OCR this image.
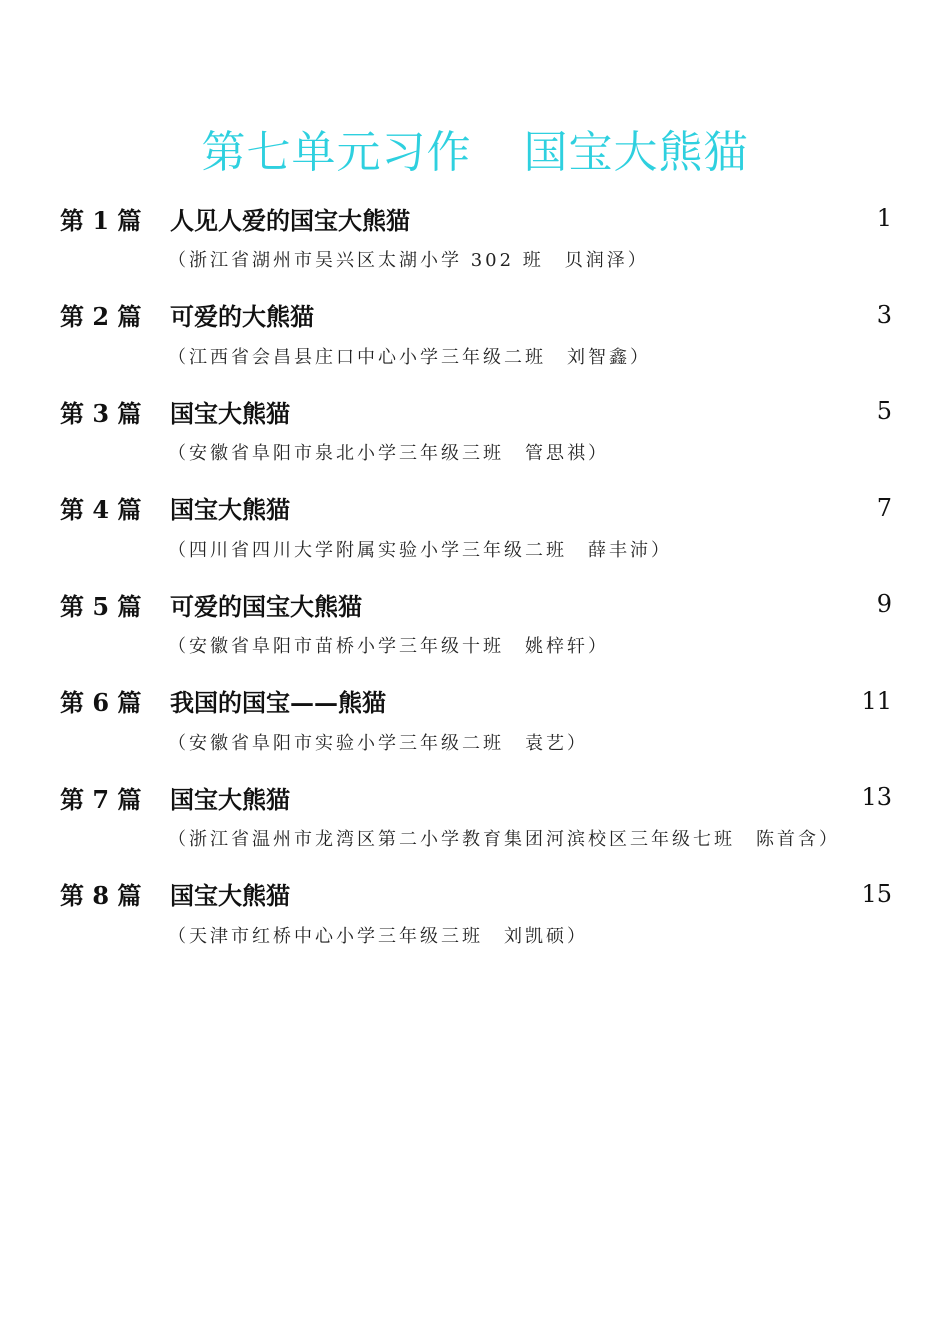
第七单元习作 国宝大熊猫
第 1 篇	人见人爱的国宝大熊猫	1
（浙江省湖州市吴兴区太湖小学 302 班　贝润泽）
第 2 篇	可爱的大熊猫	3
（江西省会昌县庄口中心小学三年级二班　刘智鑫）
第 3 篇	国宝大熊猫	5
（安徽省阜阳市泉北小学三年级三班　管思祺）
第 4 篇	国宝大熊猫	7
（四川省四川大学附属实验小学三年级二班　薛丰沛）
第 5 篇	可爱的国宝大熊猫	9
（安徽省阜阳市苗桥小学三年级十班　姚梓轩）
第 6 篇	我国的国宝——熊猫	11
（安徽省阜阳市实验小学三年级二班　袁艺）
第 7 篇	国宝大熊猫	13
（浙江省温州市龙湾区第二小学教育集团河滨校区三年级七班　陈首含）
第 8 篇	国宝大熊猫	15
（天津市红桥中心小学三年级三班　刘凯硕）
